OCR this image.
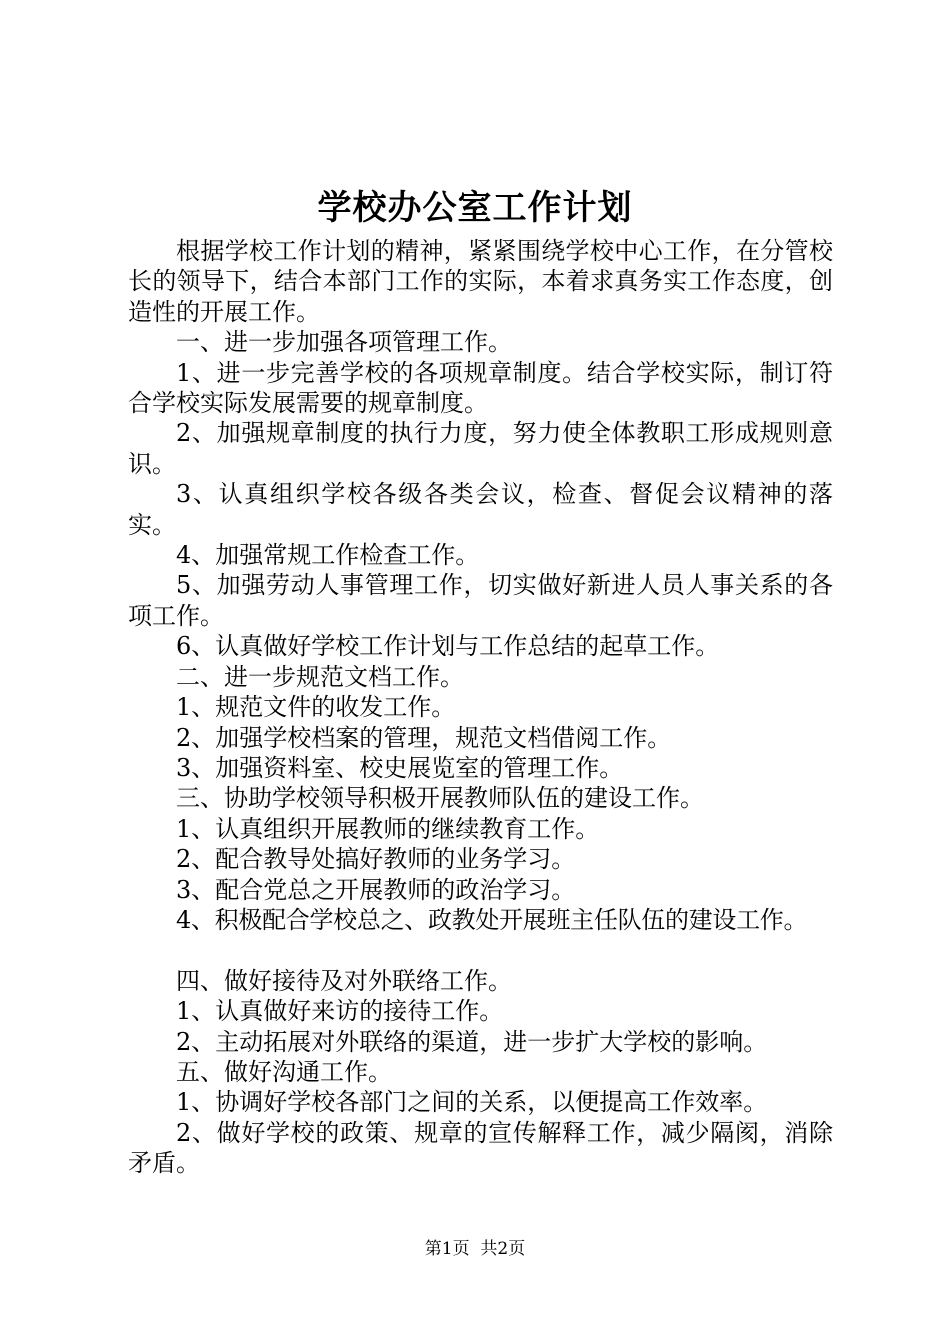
学校办公室工作计划

根据学校工作计划的精神，紧紧围绕学校中心工作，在分管校长的领导下，结合本部门工作的实际，本着求真务实工作态度，创造性的开展工作。

一、进一步加强各项管理工作。

1、进一步完善学校的各项规章制度。结合学校实际，制订符合学校实际发展需要的规章制度。

2、加强规章制度的执行力度，努力使全体教职工形成规则意识。

3、认真组织学校各级各类会议，检查、督促会议精神的落实。

4、加强常规工作检查工作。

5、加强劳动人事管理工作，切实做好新进人员人事关系的各项工作。

6、认真做好学校工作计划与工作总结的起草工作。

二、进一步规范文档工作。

1、规范文件的收发工作。

2、加强学校档案的管理，规范文档借阅工作。

3、加强资料室、校史展览室的管理工作。

三、协助学校领导积极开展教师队伍的建设工作。

1、认真组织开展教师的继续教育工作。

2、配合教导处搞好教师的业务学习。

3、配合党总之开展教师的政治学习。

4、积极配合学校总之、政教处开展班主任队伍的建设工作。

四、做好接待及对外联络工作。

1、认真做好来访的接待工作。

2、主动拓展对外联络的渠道，进一步扩大学校的影响。

五、做好沟通工作。

1、协调好学校各部门之间的关系，以便提高工作效率。

2、做好学校的政策、规章的宣传解释工作，减少隔阂，消除矛盾。

第1页  共2页
